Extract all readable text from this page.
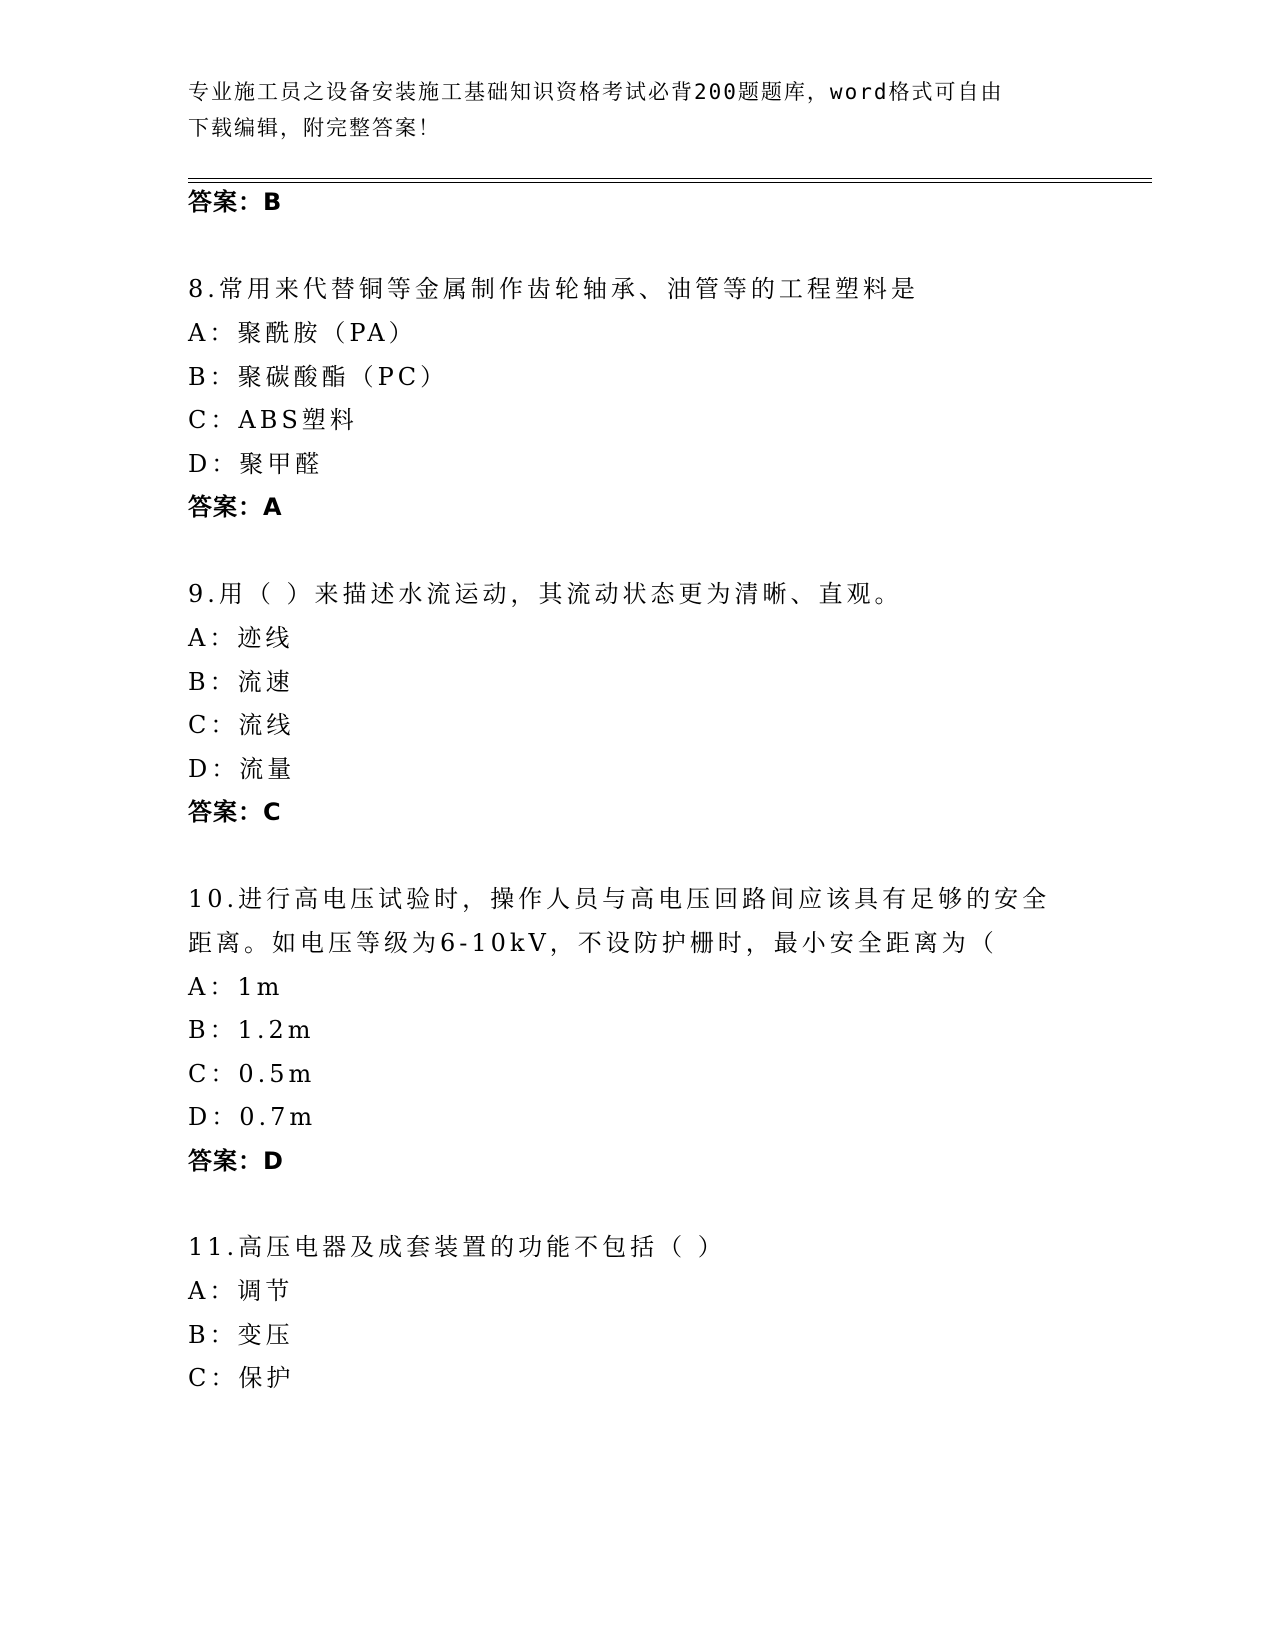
专业施工员之设备安装施工基础知识资格考试必背200题题库，word格式可自由
下载编辑，附完整答案！
答案：B
8.常用来代替铜等金属制作齿轮轴承、油管等的工程塑料是
A：聚酰胺（PA）
B：聚碳酸酯（PC）
C：ABS塑料
D：聚甲醛
答案：A
9.用（ ）来描述水流运动，其流动状态更为清晰、直观。
A：迹线
B：流速
C：流线
D：流量
答案：C
10.进行高电压试验时，操作人员与高电压回路间应该具有足够的安全
距离。如电压等级为6-10kV，不设防护栅时，最小安全距离为（
A：1m
B：1.2m
C：0.5m
D：0.7m
答案：D
11.高压电器及成套装置的功能不包括（ ）
A：调节
B：变压
C：保护
